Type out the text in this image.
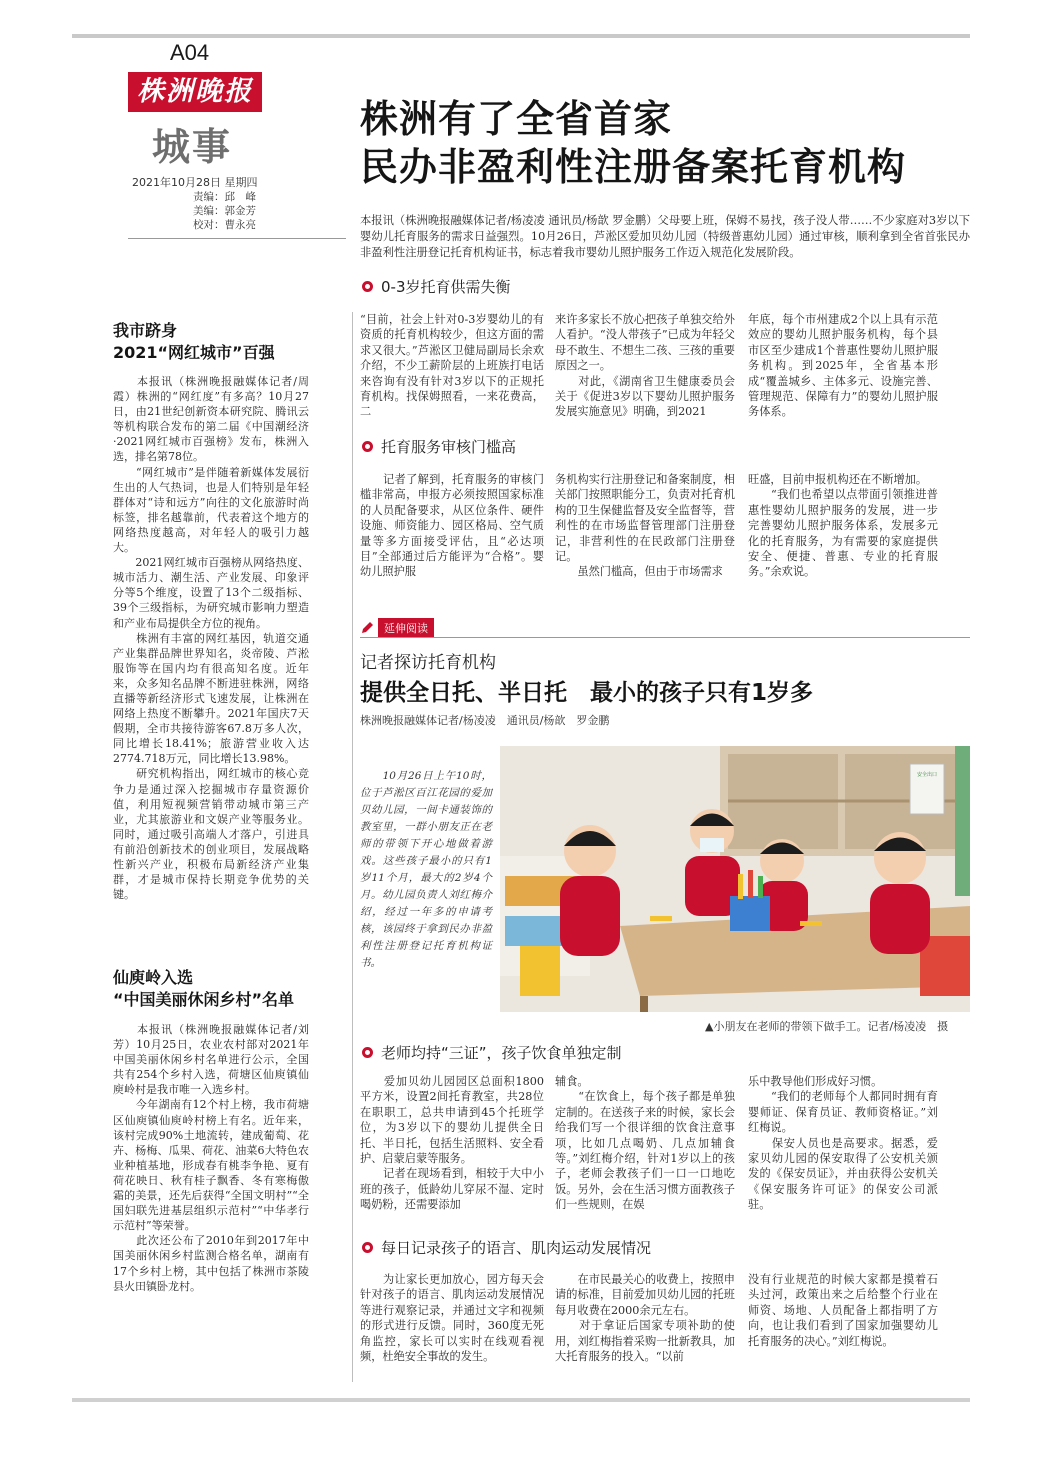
A04
株洲晚报
城事
2021年10月28日 星期四
责编：邱　峰
美编：郭金芳
校对：曹永亮
株洲有了全省首家
民办非盈利性注册备案托育机构

本报讯（株洲晚报融媒体记者/杨凌凌 通讯员/杨歆 罗金鹏）父母要上班，保姆不易找，孩子没人带……不少家庭对3岁以下婴幼儿托育服务的需求日益强烈。10月26日，芦淞区爱加贝幼儿园（特级普惠幼儿园）通过审核，顺利拿到全省首张民办非盈利性注册登记托育机构证书，标志着我市婴幼儿照护服务工作迈入规范化发展阶段。

0-3岁托育供需失衡

“目前，社会上针对0-3岁婴幼儿的有资质的托育机构较少，但这方面的需求又很大。”芦淞区卫健局副局长余欢介绍，不少工薪阶层的上班族打电话来咨询有没有针对3岁以下的正规托育机构。找保姆照看，一来花费高，二

来许多家长不放心把孩子单独交给外人看护。“没人带孩子”已成为年轻父母不敢生、不想生二孩、三孩的重要原因之一。
　　对此，《湖南省卫生健康委员会关于《促进3岁以下婴幼儿照护服务发展实施意见》明确，到2021

年底，每个市州建成2个以上具有示范效应的婴幼儿照护服务机构，每个县市区至少建成1个普惠性婴幼儿照护服务机构。到2025年，全省基本形成“覆盖城乡、主体多元、设施完善、管理规范、保障有力”的婴幼儿照护服务体系。

托育服务审核门槛高

　　记者了解到，托育服务的审核门槛非常高，申报方必须按照国家标准的人员配备要求，从区位条件、硬件设施、师资能力、园区格局、空气质量等多方面接受评估，且“必达项目”全部通过后方能评为“合格”。婴幼儿照护服

务机构实行注册登记和备案制度，相关部门按照职能分工，负责对托育机构的卫生保健监督及安全监督等，营利性的在市场监督管理部门注册登记，非营利性的在民政部门注册登记。
　　虽然门槛高，但由于市场需求

旺盛，目前申报机构还在不断增加。
　　“我们也希望以点带面引领推进普惠性婴幼儿照护服务的发展，进一步完善婴幼儿照护服务体系，发展多元化的托育服务，为有需要的家庭提供安全、便捷、普惠、专业的托育服务。”余欢说。

我市跻身
2021“网红城市”百强

　　本报讯（株洲晚报融媒体记者/周霞）株洲的“网红度”有多高？10月27日，由21世纪创新资本研究院、腾讯云等机构联合发布的第二届《中国潮经济·2021网红城市百强榜》发布，株洲入选，排名第78位。
　　“网红城市”是伴随着新媒体发展衍生出的人气热词，也是人们特别是年轻群体对“诗和远方”向往的文化旅游时尚标签，排名越靠前，代表着这个地方的网络热度越高，对年轻人的吸引力越大。
　　2021网红城市百强榜从网络热度、城市活力、潮生活、产业发展、印象评分等5个维度，设置了13个二级指标、39个三级指标，为研究城市影响力塑造和产业布局提供全方位的视角。
　　株洲有丰富的网红基因，轨道交通产业集群品牌世界知名，炎帝陵、芦淞服饰等在国内均有很高知名度。近年来，众多知名品牌不断进驻株洲，网络直播等新经济形式飞速发展，让株洲在网络上热度不断攀升。2021年国庆7天假期，全市共接待游客67.8万多人次，同比增长18.41%；旅游营业收入达2774.718万元，同比增长13.98%。
　　研究机构指出，网红城市的核心竞争力是通过深入挖掘城市存量资源价值，利用短视频营销带动城市第三产业，尤其旅游业和文娱产业等服务业。同时，通过吸引高端人才落户，引进具有前沿创新技术的创业项目，发展战略性新兴产业，积极布局新经济产业集群，才是城市保持长期竞争优势的关键。

仙庾岭入选
“中国美丽休闲乡村”名单

　　本报讯（株洲晚报融媒体记者/刘芳）10月25日，农业农村部对2021年中国美丽休闲乡村名单进行公示，全国共有254个乡村入选，荷塘区仙庾镇仙庾岭村是我市唯一入选乡村。
　　今年湖南有12个村上榜，我市荷塘区仙庾镇仙庾岭村榜上有名。近年来，该村完成90%土地流转，建成葡萄、花卉、杨梅、瓜果、荷花、油菜6大特色农业种植基地，形成春有桃李争艳、夏有荷花映日、秋有桂子飘香、冬有寒梅傲霜的美景，还先后获得“全国文明村”“全国妇联先进基层组织示范村”“中华孝行示范村”等荣誉。
　　此次还公布了2010年到2017年中国美丽休闲乡村监测合格名单，湖南有17个乡村上榜，其中包括了株洲市茶陵县火田镇卧龙村。

延伸阅读
记者探访托育机构
提供全日托、半日托　最小的孩子只有1岁多
株洲晚报融媒体记者/杨凌凌　通讯员/杨歆　罗金鹏

　　10月26日上午10时，位于芦淞区百江花园的爱加贝幼儿园，一间卡通装饰的教室里，一群小朋友正在老师的带领下开心地做着游戏。这些孩子最小的只有1岁11个月，最大的2岁4个月。幼儿园负责人刘红梅介绍，经过一年多的申请考核，该园终于拿到民办非盈利性注册登记托育机构证书。

安全出口
▲小朋友在老师的带领下做手工。记者/杨凌凌　摄
老师均持“三证”，孩子饮食单独定制

　　爱加贝幼儿园园区总面积1800平方米，设置2间托育教室，共28位在职职工，总共申请到45个托班学位，为3岁以下的婴幼儿提供全日托、半日托，包括生活照料、安全看护、启蒙启蒙等服务。
　　记者在现场看到，相较于大中小班的孩子，低龄幼儿穿尿不湿、定时喝奶粉，还需要添加

辅食。
　　“在饮食上，每个孩子都是单独定制的。在送孩子来的时候，家长会给我们写一个很详细的饮食注意事项，比如几点喝奶、几点加辅食等。”刘红梅介绍，针对1岁以上的孩子，老师会教孩子们一口一口地吃饭。另外，会在生活习惯方面教孩子们一些规则，在娱

乐中教导他们形成好习惯。
　　“我们的老师每个人都同时拥有育婴师证、保育员证、教师资格证。”刘红梅说。
　　保安人员也是高要求。据悉，爱家贝幼儿园的保安取得了公安机关颁发的《保安员证》，并由获得公安机关《保安服务许可证》的保安公司派驻。

每日记录孩子的语言、肌肉运动发展情况

　　为让家长更加放心，园方每天会针对孩子的语言、肌肉运动发展情况等进行观察记录，并通过文字和视频的形式进行反馈。同时，360度无死角监控，家长可以实时在线观看视频，杜绝安全事故的发生。

　　在市民最关心的收费上，按照申请的标准，目前爱加贝幼儿园的托班每月收费在2000余元左右。
　　对于拿证后国家专项补助的使用，刘红梅指着采购一批新教具，加大托育服务的投入。“以前

没有行业规范的时候大家都是摸着石头过河，政策出来之后给整个行业在师资、场地、人员配备上都指明了方向，也让我们看到了国家加强婴幼儿托育服务的决心。”刘红梅说。
